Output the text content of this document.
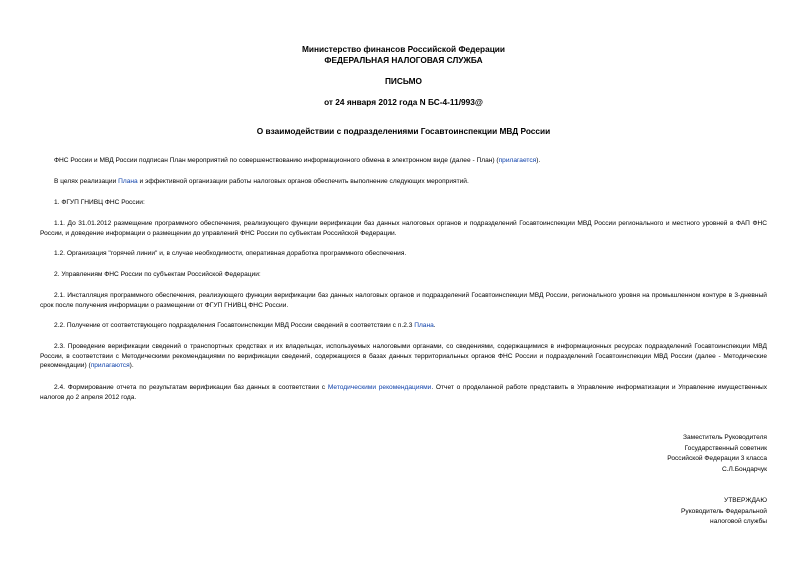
Министерство финансов Российской Федерации
ФЕДЕРАЛЬНАЯ НАЛОГОВАЯ СЛУЖБА
ПИСЬМО
от 24 января 2012 года N БС-4-11/993@
О взаимодействии с подразделениями Госавтоинспекции МВД России
ФНС России и МВД России подписан План мероприятий по совершенствованию информационного обмена в электронном виде (далее - План) (прилагается).
В целях реализации Плана и эффективной организации работы налоговых органов обеспечить выполнение следующих мероприятий.
1. ФГУП ГНИВЦ ФНС России:
1.1. До 31.01.2012 размещение программного обеспечения, реализующего функции верификации баз данных налоговых органов и подразделений Госавтоинспекции МВД России регионального и местного уровней в ФАП ФНС России, и доведение информации о размещении до управлений ФНС России по субъектам Российской Федерации.
1.2. Организация "горячей линии" и, в случае необходимости, оперативная доработка программного обеспечения.
2. Управлениям ФНС России по субъектам Российской Федерации:
2.1. Инсталляция программного обеспечения, реализующего функции верификации баз данных налоговых органов и подразделений Госавтоинспекции МВД России, регионального уровня на промышленном контуре в 3-дневный срок после получения информации о размещении от ФГУП ГНИВЦ ФНС России.
2.2. Получение от соответствующего подразделения Госавтоинспекции МВД России сведений в соответствии с п.2.3 Плана.
2.3. Проведение верификации сведений о транспортных средствах и их владельцах, используемых налоговыми органами, со сведениями, содержащимися в информационных ресурсах подразделений Госавтоинспекции МВД России, в соответствии с Методическими рекомендациями по верификации сведений, содержащихся в базах данных территориальных органов ФНС России и подразделений Госавтоинспекции МВД России (далее - Методические рекомендации) (прилагаются).
2.4. Формирование отчета по результатам верификации баз данных в соответствии с Методическими рекомендациями. Отчет о проделанной работе представить в Управление информатизации и Управление имущественных налогов до 2 апреля 2012 года.
Заместитель Руководителя
Государственный советник
Российской Федерации 3 класса
С.Л.Бондарчук
УТВЕРЖДАЮ
Руководитель Федеральной
налоговой службы
